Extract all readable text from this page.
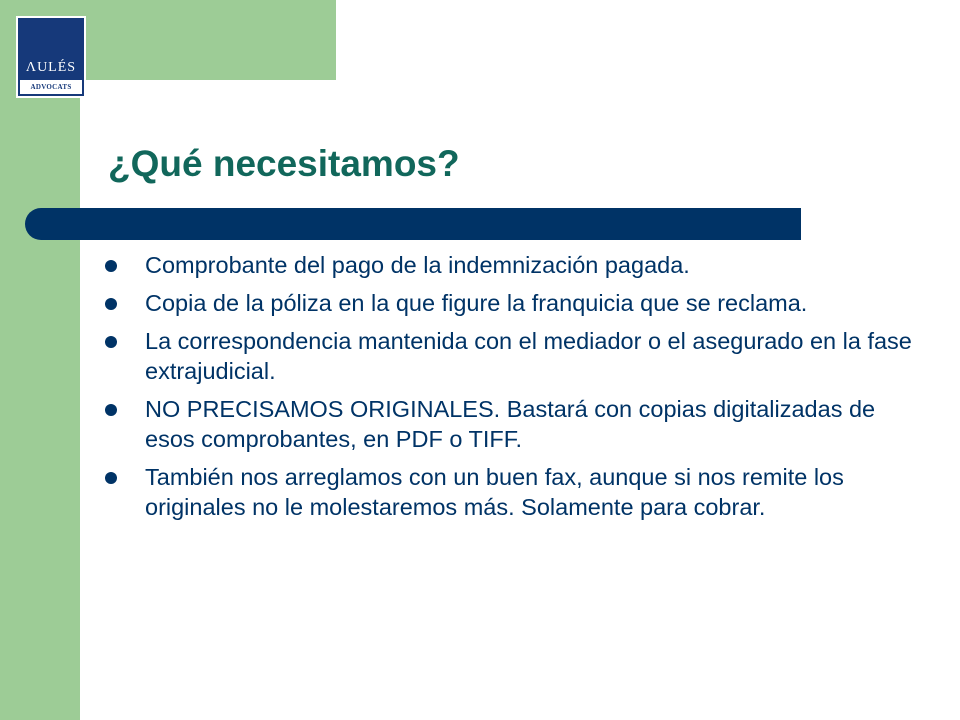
ΛULÉS
ADVOCATS
¿Qué necesitamos?
Comprobante del pago de la indemnización pagada.
Copia de la póliza en la que figure la franquicia que se reclama.
La correspondencia mantenida con el mediador o el asegurado en la fase extrajudicial.
NO PRECISAMOS ORIGINALES. Bastará con copias digitalizadas de esos comprobantes, en PDF o TIFF.
También nos arreglamos con un buen fax, aunque si nos remite los originales no le molestaremos más. Solamente para cobrar.
